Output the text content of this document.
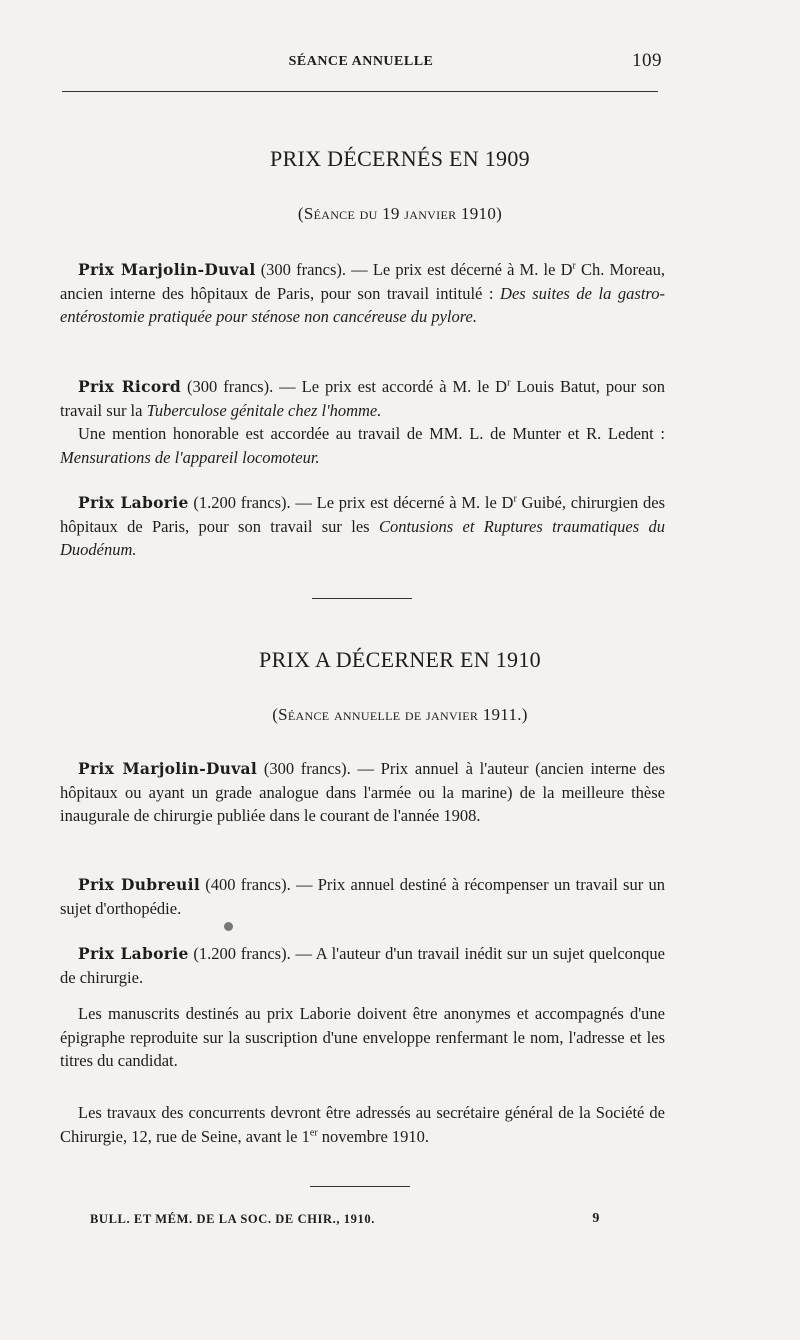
SÉANCE ANNUELLE	109
PRIX DÉCERNÉS EN 1909
(Séance du 19 janvier 1910)

Prix Marjolin-Duval (300 francs). — Le prix est décerné à M. le $D^r$ Ch. Moreau, ancien interne des hôpitaux de Paris, pour son travail intitulé : Des suites de la gastro-entérostomie pratiquée pour sténose non cancéreuse du pylore.

Prix Ricord (300 francs). — Le prix est accordé à M. le $D^r$ Louis Batut, pour son travail sur la Tuberculose génitale chez l'homme.

Une mention honorable est accordée au travail de MM. L. de Munter et R. Ledent : Mensurations de l'appareil locomoteur.

Prix Laborie (1.200 francs). — Le prix est décerné à M. le $D^r$ Guibé, chirurgien des hôpitaux de Paris, pour son travail sur les Contusions et Ruptures traumatiques du Duodénum.

PRIX A DÉCERNER EN 1910
(Séance annuelle de janvier 1911.)

Prix Marjolin-Duval (300 francs). — Prix annuel à l'auteur (ancien interne des hôpitaux ou ayant un grade analogue dans l'armée ou la marine) de la meilleure thèse inaugurale de chirurgie publiée dans le courant de l'année 1908.

Prix Dubreuil (400 francs). — Prix annuel destiné à récompenser un travail sur un sujet d'orthopédie.

Prix Laborie (1.200 francs). — A l'auteur d'un travail inédit sur un sujet quelconque de chirurgie.

Les manuscrits destinés au prix Laborie doivent être anonymes et accompagnés d'une épigraphe reproduite sur la suscription d'une enveloppe renfermant le nom, l'adresse et les titres du candidat.

Les travaux des concurrents devront être adressés au secrétaire général de la Société de Chirurgie, 12, rue de Seine, avant le 1er novembre 1910.

BULL. ET MÉM. DE LA SOC. DE CHIR., 1910.	9
